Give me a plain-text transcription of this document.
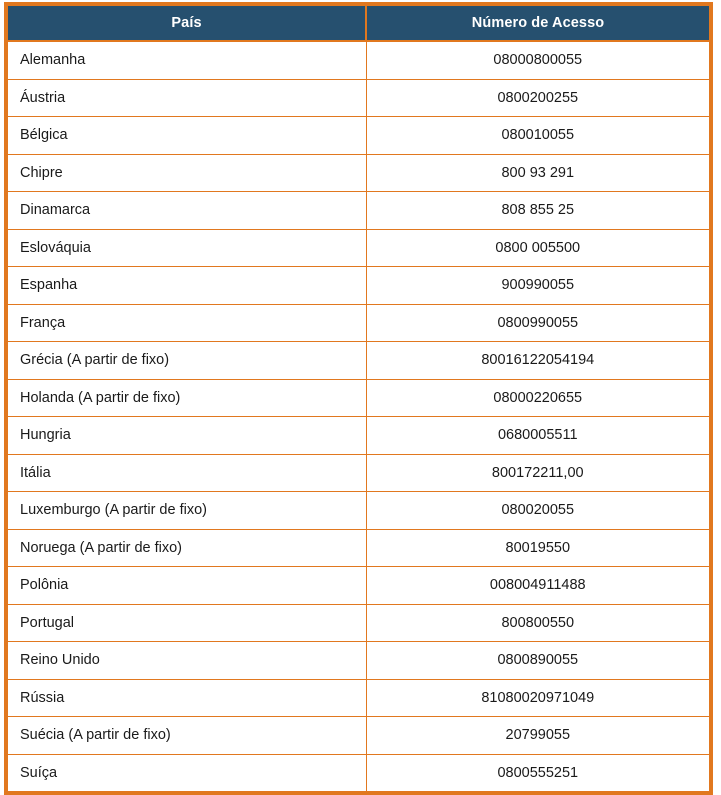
País	Número de Acesso
Alemanha	08000800055
Áustria	0800200255
Bélgica	080010055
Chipre	800 93 291
Dinamarca	808 855 25
Eslováquia	0800 005500
Espanha	900990055
França	0800990055
Grécia (A partir de fixo)	80016122054194
Holanda (A partir de fixo)	08000220655
Hungria	0680005511
Itália	800172211,00
Luxemburgo (A partir de fixo)	080020055
Noruega (A partir de fixo)	80019550
Polônia	008004911488
Portugal	800800550
Reino Unido	0800890055
Rússia	81080020971049
Suécia (A partir de fixo)	20799055
Suíça	0800555251
